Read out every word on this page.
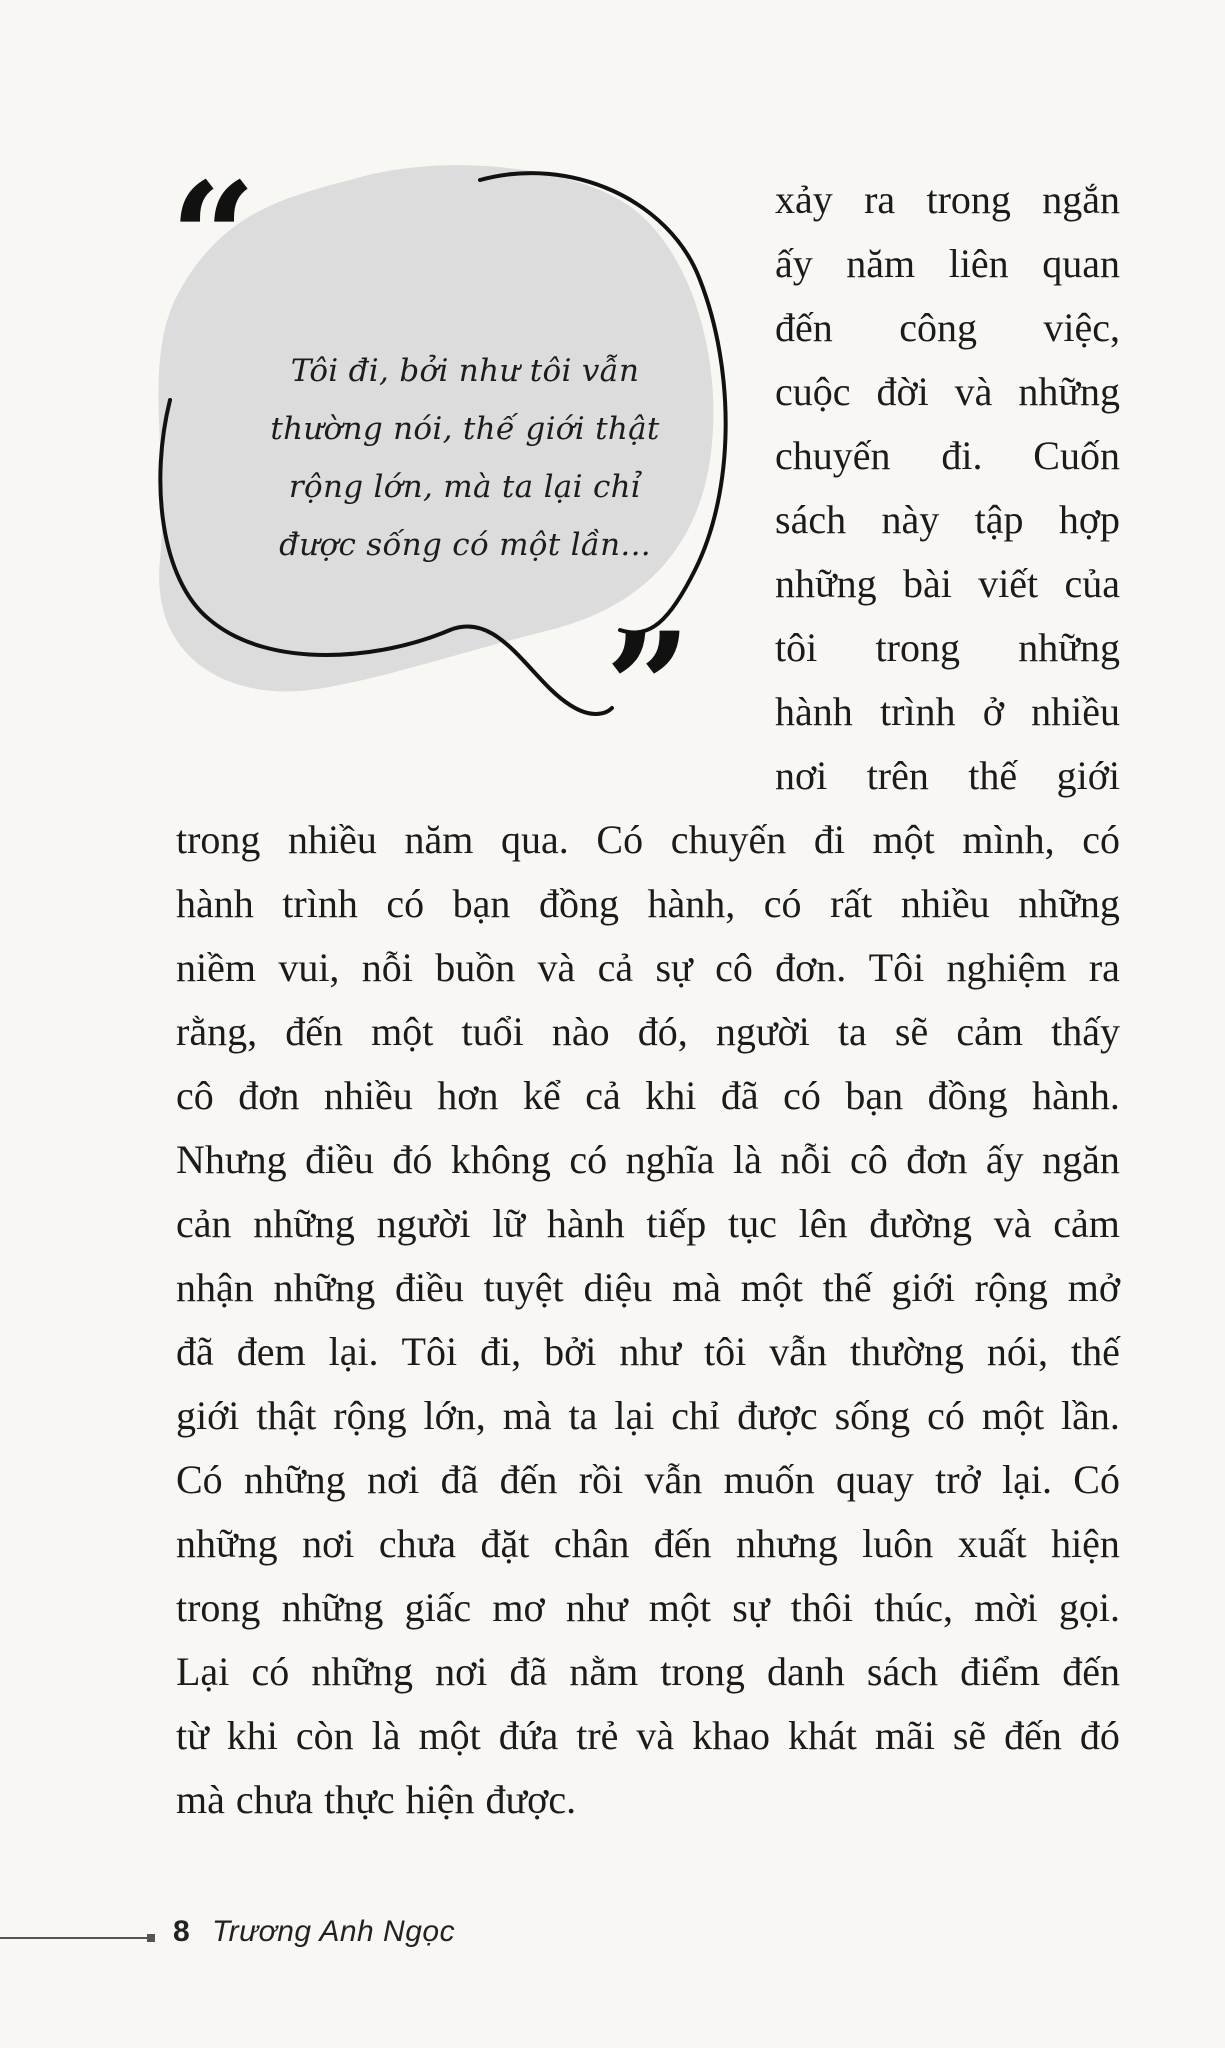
“
”
Tôi đi, bởi như tôi vẫn thường nói, thế giới thật rộng lớn, mà ta lại chỉ được sống có một lần...
xảy ra trong ngắn
ấy năm liên quan
đến công việc,
cuộc đời và những
chuyến đi. Cuốn
sách này tập hợp
những bài viết của
tôi trong những
hành trình ở nhiều
nơi trên thế giới
trong nhiều năm qua. Có chuyến đi một mình, có
hành trình có bạn đồng hành, có rất nhiều những
niềm vui, nỗi buồn và cả sự cô đơn. Tôi nghiệm ra
rằng, đến một tuổi nào đó, người ta sẽ cảm thấy
cô đơn nhiều hơn kể cả khi đã có bạn đồng hành.
Nhưng điều đó không có nghĩa là nỗi cô đơn ấy ngăn
cản những người lữ hành tiếp tục lên đường và cảm
nhận những điều tuyệt diệu mà một thế giới rộng mở
đã đem lại. Tôi đi, bởi như tôi vẫn thường nói, thế
giới thật rộng lớn, mà ta lại chỉ được sống có một lần.
Có những nơi đã đến rồi vẫn muốn quay trở lại. Có
những nơi chưa đặt chân đến nhưng luôn xuất hiện
trong những giấc mơ như một sự thôi thúc, mời gọi.
Lại có những nơi đã nằm trong danh sách điểm đến
từ khi còn là một đứa trẻ và khao khát mãi sẽ đến đó
mà chưa thực hiện được.
8 Trương Anh Ngọc
